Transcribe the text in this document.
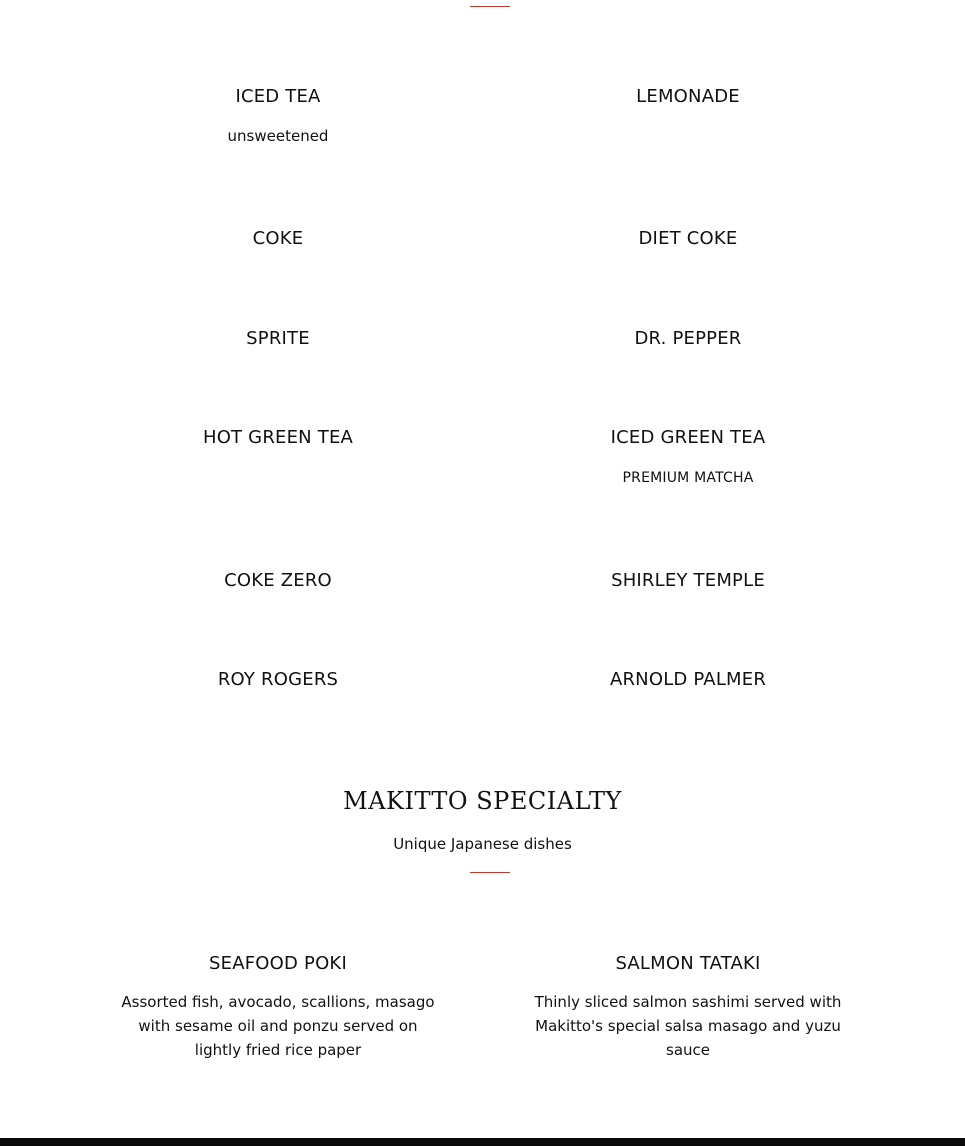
ICED TEA
unsweetened
LEMONADE
COKE	DIET COKE
SPRITE	DR. PEPPER
HOT GREEN TEA	ICED GREEN TEA
PREMIUM MATCHA
COKE ZERO	SHIRLEY TEMPLE
ROY ROGERS	ARNOLD PALMER
MAKITTO SPECIALTY
Unique Japanese dishes
SEAFOOD POKI
Assorted fish, avocado, scallions, masago
with sesame oil and ponzu served on
lightly fried rice paper
SALMON TATAKI
Thinly sliced salmon sashimi served with
Makitto's special salsa masago and yuzu
sauce
